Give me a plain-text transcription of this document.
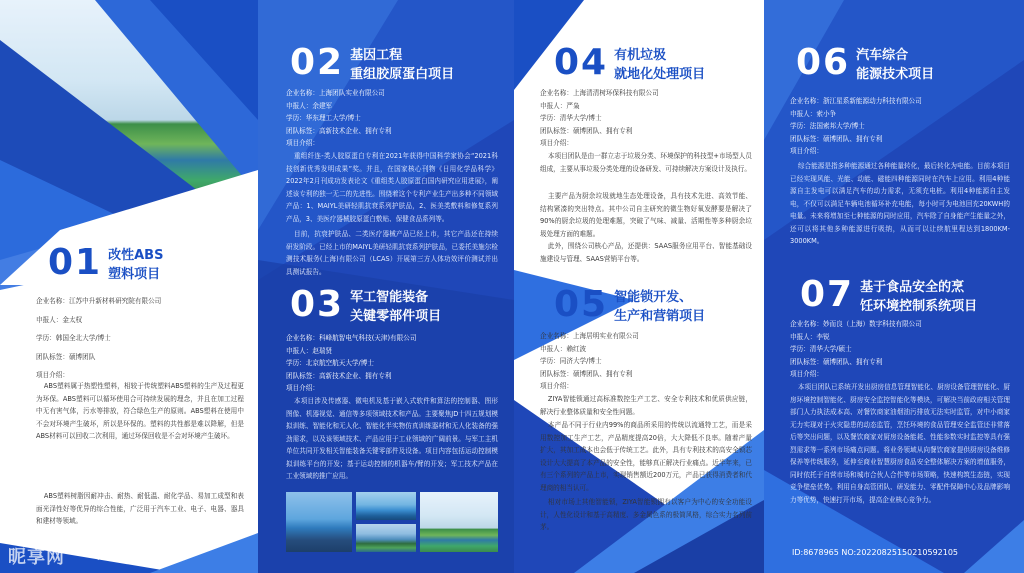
01 改性ABS
塑料项目
企业名称：江苏中升新材料研究院有限公司
申报人：金太权
学历：韩国全北大学/博士
团队标签：硕博团队
项目介绍：
ABS塑料属于热塑性塑料，相较于传统塑料ABS塑料的生产及过程更为环保。ABS塑料可以循环使用合可持续发展的理念，并且在加工过程中无有害气体，污水等排放，符合绿色生产的原则。ABS塑料在使用中不会对环境产生破坏，所以是环保的。塑料的共性都是难以降解，但是ABS材料可以回收二次利用，通过环保回收是不会对环境产生破坏。
ABS塑料树脂因耐冲击、耐热、耐低温、耐化学品、易加工成型和表面光泽性好等优异的综合性能，广泛用于汽车工业、电子、电器、器具和建材等领域。
昵享网	www.nipic.cn
02 基因工程
重组胶原蛋白项目
企业名称：上海团队实业有限公司
申报人：余建军
学历：华东理工大学/博士
团队标签：高新技术企业、拥有专利
项目介绍：
重组纤连-类人胶原蛋白专利在2021年获得中国科学家协会“2021科技创新优秀发明成果”奖。并且，在国家核心刊物《日用化学品科学》2022年2月刊成功发表论文《重组类人胶原蛋白国内研究应用进展》，阐述该专利的独一无二的先进性。围绕着这个专利产业生产出多种不同领域产品：1、MAIYL美研轻肌抗衰系列护肤品，2、医美类敷料和修复系列产品，3、美医疗器械胶原蛋白敷贴、保健食品系列等。
目前，抗衰护肤品、二类医疗器械产品已经上市，其它产品还在持续研发阶段。已经上市的MAIYL美研轻肌抗衰系列护肤品，已委托美施尔检测技术服务(上海)有限公司（LCAS）开展第三方人体功效评价测试并出具测试报告。
03 军工智能装备
关键零部件项目
企业名称：科峰航智电气科技(天津)有限公司
申报人：赵瑞贤
学历：北京航空航天大学/博士
团队标签：高新技术企业、拥有专利
项目介绍：
本项目涉及传感器、微电机及基于嵌入式软件和算法的控制器、图形图像、机器视觉、通信等多项领域技术和产品。主要聚焦JD十四五规划模拟训练、智能化和无人化、智能化半实物仿真训练器材和无人化装备的强劲需求，以及该领域技术、产品应用于工业领域的广阔前景。与军工主机单位共同开发相关智能装备关键零部件及设备。项目内容包括运动控制模拟训练平台的开发；基于运动控制的机器车/臂的开发；军工技术产品在工业领域的推广应用。
04 有机垃圾
就地化处理项目
企业名称：上海清清树环保科技有限公司
申报人：严枭
学历：清华大学/博士
团队标签：硕博团队、拥有专利
项目介绍：
本项目团队是由一群立志于垃圾分类、环境保护的科技型+市场型人员组成，主要从事垃圾分类处理的设备研发、可持续解决方案设计及执行。
主要产品为厨余垃圾就地生态处理设备，具有技术先进、高效节能、结构紧凑的突出特点。其中公司自主研究的微生物好氧发酵要是解决了90%的厨余垃圾的处理难题，突破了气味、减量、活期性等多种厨余垃圾处理方面的难题。
此外，围绕公司核心产品，还提供：SAAS服务应用平台、智能基础设施建设与管理、SAAS营销平台等。
05 智能锁开发、
生产和营销项目
企业名称：上海居明实业有限公司
申报人：赖红波
学历：同济大学/博士
团队标签：硕博团队、拥有专利
项目介绍：
ZIYA智能锁通过高标准数控生产工艺、安全专利技术和优质供应链，解决行业整体质量和安全性问题。
本产品不同于行业内99%的商品所采用的传统以流通特工艺，而是采用数控加工生产工艺，产品精度提高20倍，大大降低不良率。随着产量扩大，其加工成本也会低于传统工艺。此外，具有专利技术的高安全锁芯设计大大提高了本产品的安全性，能够真正解决行业痛点。近半年来，已有三个系列的产品上市，实现销售额近200万元，产品已获得消费者和代理商的相当认可。
相对市场上其他智能锁，ZIYA智能锁拥有以客户为中心的安全功能设计，人性化设计和基于高精度、多金属色系的极简风格，综合实力名列前茅。
06 汽车综合
能源技术项目
企业名称：浙江星系新能源动力科技有限公司
申报人：索小争
学历：法国索邦大学/博士
团队标签：硕博团队、拥有专利
项目介绍：
综合能源是指多种能源通过各种能量转化，最后转化为电能。目前本项目已经实现风能、光能、动能、磁能四种能源同时在汽车上应用。利用4种能源自主发电可以满足汽车的动力需求，无须充电桩。利用4种能源自主发电，不仅可以满足车辆电池循环补充电能，每小时可为电池回充20KWH的电量。未来将增加至七种能源的同时应用，汽车除了自身能产生能量之外，还可以将其他多种能源进行吸纳，从而可以让续航里程达到1800KM-3000KM。
07 基于食品安全的烹
饪环境控制系统项目
企业名称：妙而良（上海）数字科技有限公司
申报人：李锐
学历：清华大学/硕士
团队标签：硕博团队、拥有专利
项目介绍：
本项目团队已系统开发出厨房信息管理智能化、厨房设备管理智能化、厨房环境控制智能化、厨房安全监控智能化等模块，可解决当前政府相关管理部门人力执法成本高、对餐饮商家油烟油污排放无法实时监管，对中小商家无力实现对于火灾隐患的动态监管，烹饪环境的食品管理安全监管还非常落后等突出问题，以及餐饮商家对厨房设备能耗、性能参数实时监控等具有强烈需求等一系列市场痛点问题。将业务领域从向餐饮商家提供厨房设备维修保养等传统服务，延伸至商业智慧厨房食品安全整体解决方案的增值服务，同时依托于自营市场和城市合伙人合作等市场策略，快速构筑生态链，实现竞争壁垒优势。利用自身高管团队、研发能力、零配件保障中心及品牌影响力等优势，快速打开市场，提高企业核心竞争力。
ID:8678965 NO:20220825150210592105
